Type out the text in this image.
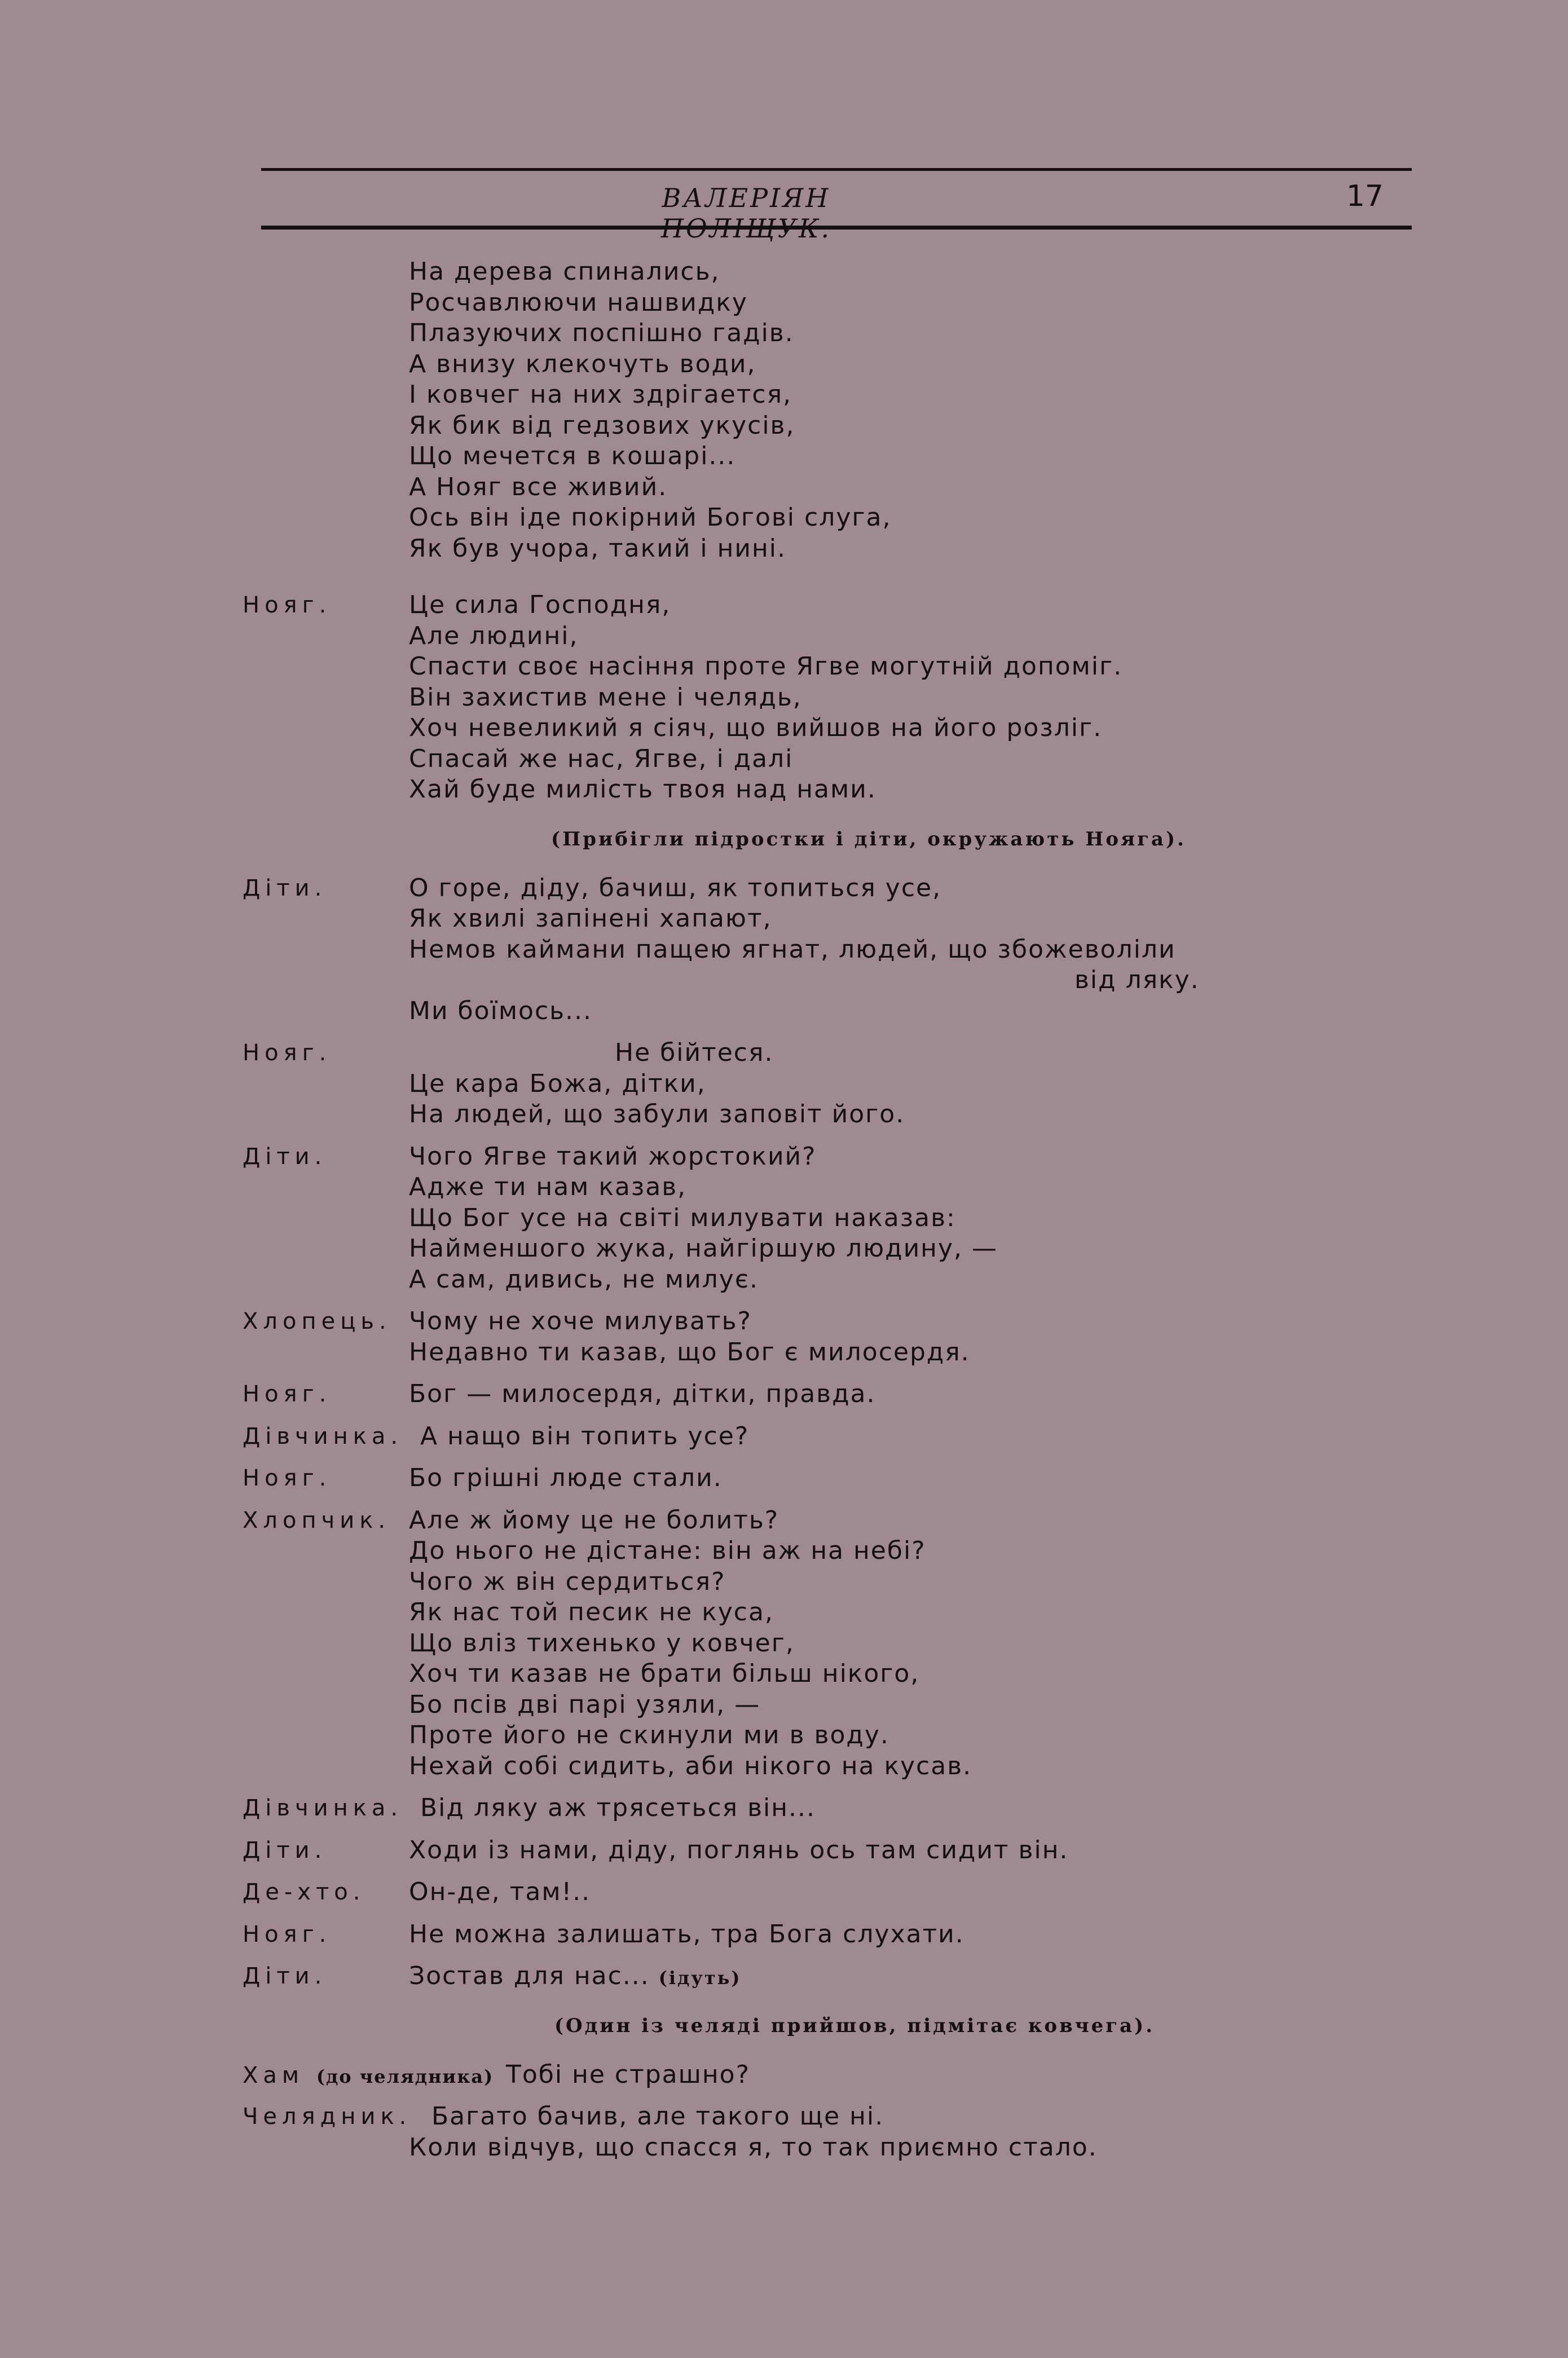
ВАЛЕРІЯН ПОЛІЩУК.
17
На дерева спинались,
Росчавлюючи нашвидку
Плазуючих поспішно гадів.
А внизу клекочуть води,
І ковчег на них здрігается,
Як бик від гедзових укусів,
Що мечется в кошарі...
А Нояг все живий.
Ось він іде покірний Богові слуга,
Як був учора, такий і нині.
Нояг.	Це сила Господня,
Але людині,
Спасти своє насіння проте Ягве могутній допоміг.
Він захистив мене і челядь,
Хоч невеликий я сіяч, що вийшов на його розліг.
Спасай же нас, Ягве, і далі
Хай буде милість твоя над нами.
(Прибігли підростки і діти, окружають Нояга).
Діти.	О горе, діду, бачиш, як топиться усе,
Як хвилі запінені хапают,
Немов каймани пащею ягнат, людей, що збожеволіли
від ляку.
Ми боїмось...
Нояг.	Не бійтеся.
Це кара Божа, дітки,
На людей, що забули заповіт його.
Діти.	Чого Ягве такий жорстокий?
Адже ти нам казав,
Що Бог усе на світі милувати наказав:
Найменшого жука, найгіршую людину, —
А сам, дивись, не милує.
Хлопець. Чому не хоче милувать?
Недавно ти казав, що Бог є милосердя.
Нояг.	Бог — милосердя, дітки, правда.
Дівчинка. А нащо він топить усе?
Нояг.	Бо грішні люде стали.
Хлопчик. Але ж йому це не болить?
До нього не дістане: він аж на небі?
Чого ж він сердиться?
Як нас той песик не куса,
Що вліз тихенько у ковчег,
Хоч ти казав не брати більш нікого,
Бо псів дві парі узяли, —
Проте його не скинули ми в воду.
Нехай собі сидить, аби нікого на кусав.
Дівчинка. Від ляку аж трясеться він...
Діти.	Ходи із нами, діду, поглянь ось там сидит він.
Де-хто. Он-де, там!..
Нояг.	Не можна залишать, тра Бога слухати.
Діти.	Зостав для нас... (ідуть)
(Один із челяді прийшов, підмітає ковчега).
Хам (до челядника) Тобі не страшно?
Челядник. Багато бачив, але такого ще ні.
Коли відчув, що спасся я, то так приємно стало.
